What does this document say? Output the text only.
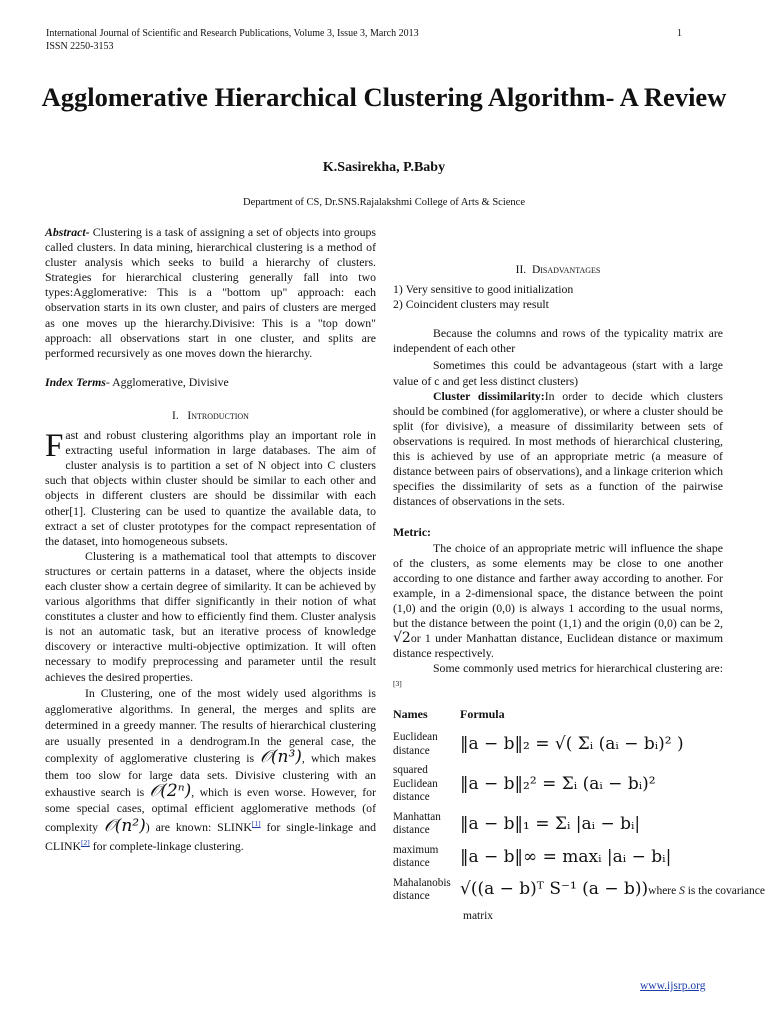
International Journal of Scientific and Research Publications, Volume 3, Issue 3, March 2013
ISSN 2250-3153
1
Agglomerative Hierarchical Clustering Algorithm- A Review
K.Sasirekha, P.Baby
Department of CS, Dr.SNS.Rajalakshmi College of Arts & Science

Abstract- Clustering is a task of assigning a set of objects into groups called clusters. In data mining, hierarchical clustering is a method of cluster analysis which seeks to build a hierarchy of clusters. Strategies for hierarchical clustering generally fall into two types:Agglomerative: This is a "bottom up" approach: each observation starts in its own cluster, and pairs of clusters are merged as one moves up the hierarchy.Divisive: This is a "top down" approach: all observations start in one cluster, and splits are performed recursively as one moves down the hierarchy.

Index Terms- Agglomerative, Divisive

I. Introduction

Fast and robust clustering algorithms play an important role in extracting useful information in large databases. The aim of cluster analysis is to partition a set of N object into C clusters such that objects within cluster should be similar to each other and objects in different clusters are should be dissimilar with each other[1]. Clustering can be used to quantize the available data, to extract a set of cluster prototypes for the compact representation of the dataset, into homogeneous subsets.

Clustering is a mathematical tool that attempts to discover structures or certain patterns in a dataset, where the objects inside each cluster show a certain degree of similarity. It can be achieved by various algorithms that differ significantly in their notion of what constitutes a cluster and how to efficiently find them. Cluster analysis is not an automatic task, but an iterative process of knowledge discovery or interactive multi-objective optimization. It will often necessary to modify preprocessing and parameter until the result achieves the desired properties.

In Clustering, one of the most widely used algorithms is agglomerative algorithms. In general, the merges and splits are determined in a greedy manner. The results of hierarchical clustering are usually presented in a dendrogram.In the general case, the complexity of agglomerative clustering is 𝒪(n³), which makes them too slow for large data sets. Divisive clustering with an exhaustive search is 𝒪(2ⁿ), which is even worse. However, for some special cases, optimal efficient agglomerative methods (of complexity 𝒪(n²)) are known: SLINK[1] for single-linkage and CLINK[2] for complete-linkage clustering.

II. Disadvantages

1) Very sensitive to good initialization

2) Coincident clusters may result

Because the columns and rows of the typicality matrix are independent of each other

Sometimes this could be advantageous (start with a large value of c and get less distinct clusters)

Cluster dissimilarity:In order to decide which clusters should be combined (for agglomerative), or where a cluster should be split (for divisive), a measure of dissimilarity between sets of observations is required. In most methods of hierarchical clustering, this is achieved by use of an appropriate metric (a measure of distance between pairs of observations), and a linkage criterion which specifies the dissimilarity of sets as a function of the pairwise distances of observations in the sets.

Metric:

The choice of an appropriate metric will influence the shape of the clusters, as some elements may be close to one another according to one distance and farther away according to another. For example, in a 2-dimensional space, the distance between the point (1,0) and the origin (0,0) is always 1 according to the usual norms, but the distance between the point (1,1) and the origin (0,0) can be 2, √2or 1 under Manhattan distance, Euclidean distance or maximum distance respectively.

Some commonly used metrics for hierarchical clustering are:[3]

Names	Formula
Euclidean distance	‖a − b‖₂ = √( Σᵢ (aᵢ − bᵢ)² )
squared Euclidean distance	‖a − b‖₂² = Σᵢ (aᵢ − bᵢ)²
Manhattan distance	‖a − b‖₁ = Σᵢ |aᵢ − bᵢ|
maximum distance	‖a − b‖∞ = maxᵢ |aᵢ − bᵢ|
Mahalanobis distance	√((a − b)ᵀ S⁻¹ (a − b))where S is the covariance
matrix
www.ijsrp.org
